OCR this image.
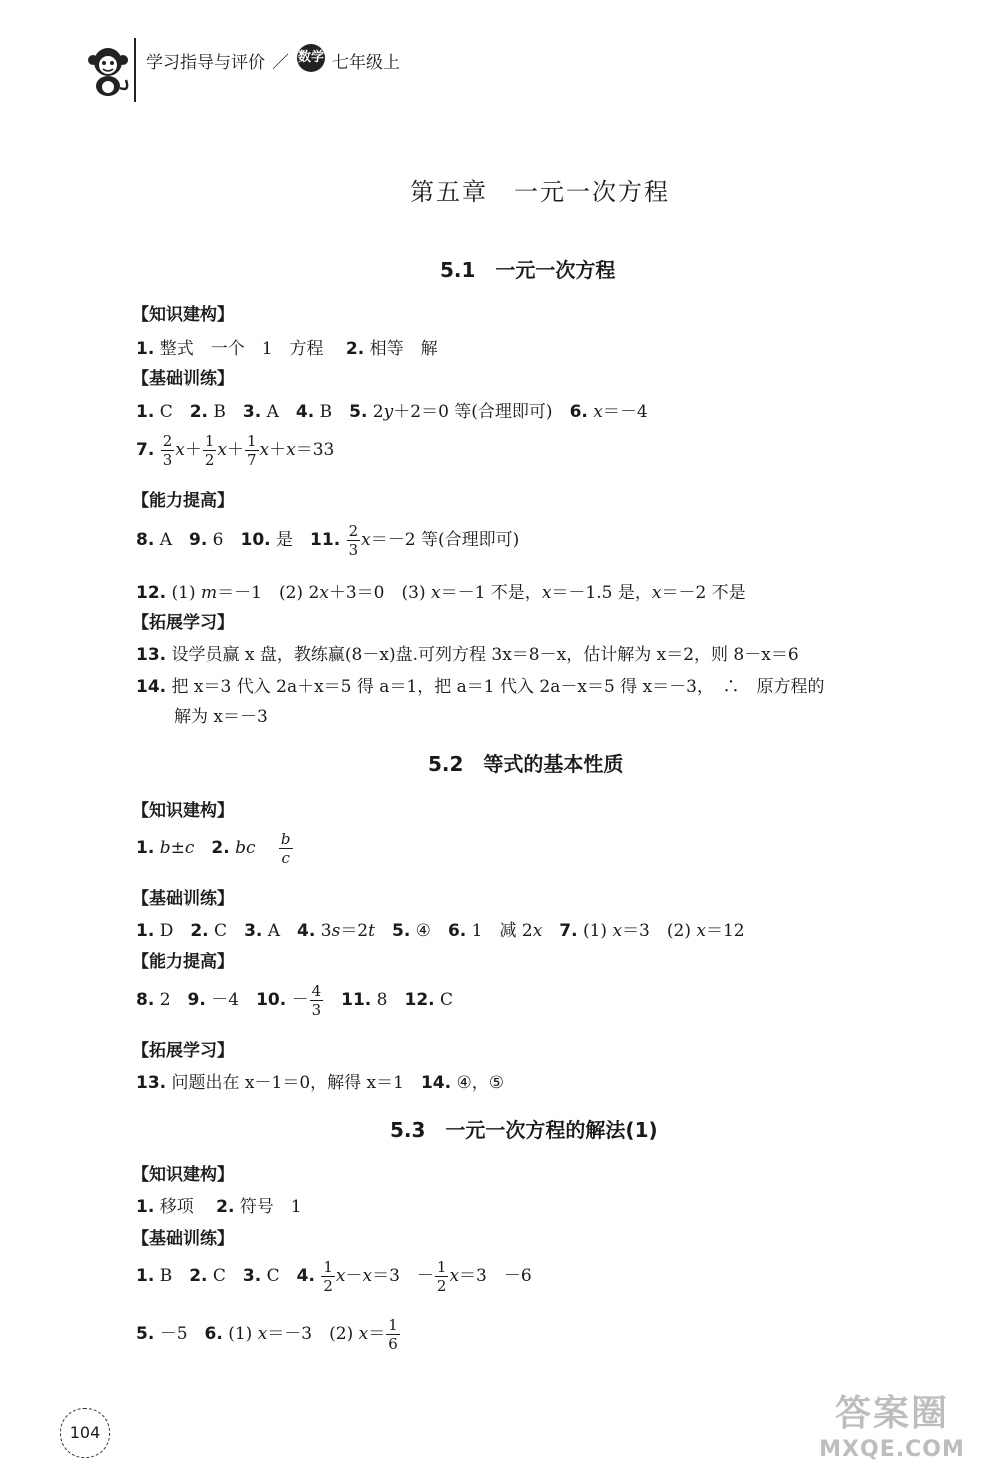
学习指导与评价 ／ 数学 七年级上
第五章　一元一次方程
5.1　一元一次方程
【知识建构】
1. 整式　一个　1　方程 　2. 相等　解
【基础训练】
1. C　2. B　3. A　4. B　5. 2y＋2＝0 等(合理即可)　6. x＝－4
7. $\frac{2}{3} x+ \frac{1}{2} x+ \frac{1}{7} x+x=33$
【能力提高】
8. A　9. 6　10. 是　11. $\frac{2}{3} x=-2$ 等(合理即可)
12. (1) m＝－1　(2) 2x＋3＝0　(3) x＝－1 不是，x＝－1.5 是，x＝－2 不是
【拓展学习】
13. 设学员赢 x 盘，教练赢(8－x)盘.可列方程 3x＝8－x，估计解为 x＝2，则 8－x＝6
14. 把 x＝3 代入 2a＋x＝5 得 a＝1，把 a＝1 代入 2a－x＝5 得 x＝－3，　∴　原方程的
解为 x＝－3
5.2　等式的基本性质
【知识建构】
1. b±c　 2. bc　 $\frac{b}{c}$
【基础训练】
1. D　2. C　3. A　4. 3s＝2t　 5. ④　6. 1　减 2x　 7. (1) x＝3　(2) x＝12
【能力提高】
8. 2　9. －4　10. － $\frac{4}{3}$
　 11. 8　12. C
【拓展学习】
13. 问题出在 x－1＝0，解得 x＝1　 14. ④，⑤
5.3　一元一次方程的解法(1)
【知识建构】
1. 移项 　2. 符号　1
【基础训练】
1. B　2. C　3. C　4. $\frac{1}{2} x-x=3$　－ $\frac{1}{2} x=3$　－6
5. －5　6. (1) x＝－3　(2) $x= \frac{1}{6}$
104	答案圈
MXQE.COM
